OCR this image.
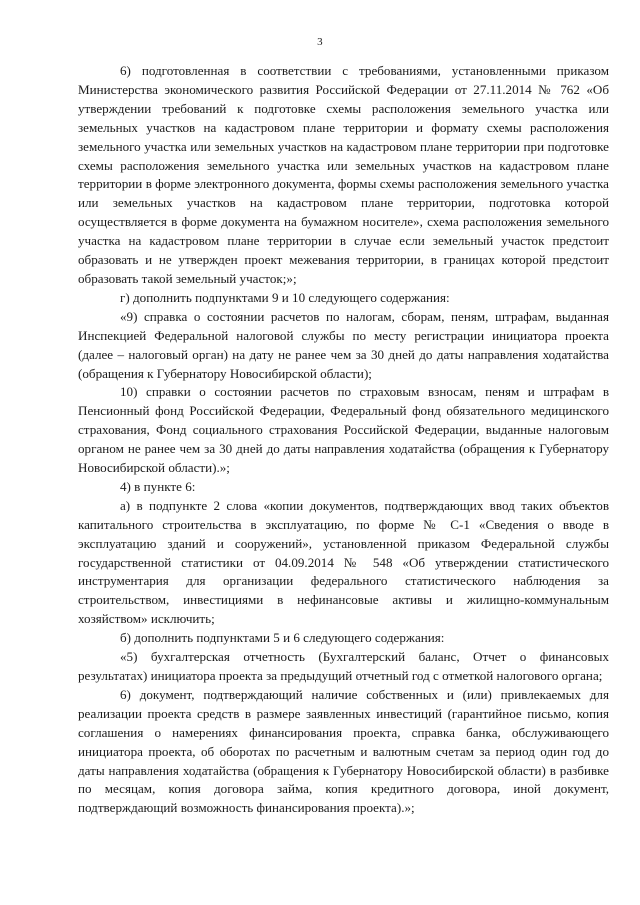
3

6) подготовленная в соответствии с требованиями, установленными приказом Министерства экономического развития Российской Федерации от 27.11.2014 № 762 «Об утверждении требований к подготовке схемы расположения земельного участка или земельных участков на кадастровом плане территории и формату схемы расположения земельного участка или земельных участков на кадастровом плане территории при подготовке схемы расположения земельного участка или земельных участков на кадастровом плане территории в форме электронного документа, формы схемы расположения земельного участка или земельных участков на кадастровом плане территории, подготовка которой осуществляется в форме документа на бумажном носителе», схема расположения земельного участка на кадастровом плане территории в случае если земельный участок предстоит образовать и не утвержден проект межевания территории, в границах которой предстоит образовать такой земельный участок;»;

г) дополнить подпунктами 9 и 10 следующего содержания:

«9) справка о состоянии расчетов по налогам, сборам, пеням, штрафам, выданная Инспекцией Федеральной налоговой службы по месту регистрации инициатора проекта (далее – налоговый орган) на дату не ранее чем за 30 дней до даты направления ходатайства (обращения к Губернатору Новосибирской области);

10) справки о состоянии расчетов по страховым взносам, пеням и штрафам в Пенсионный фонд Российской Федерации, Федеральный фонд обязательного медицинского страхования, Фонд социального страхования Российской Федерации, выданные налоговым органом не ранее чем за 30 дней до даты направления ходатайства (обращения к Губернатору Новосибирской области).»;

4) в пункте 6:

а) в подпункте 2 слова «копии документов, подтверждающих ввод таких объектов капитального строительства в эксплуатацию, по форме № С-1 «Сведения о вводе в эксплуатацию зданий и сооружений», установленной приказом Федеральной службы государственной статистики от 04.09.2014 № 548 «Об утверждении статистического инструментария для организации федерального статистического наблюдения за строительством, инвестициями в нефинансовые активы и жилищно-коммунальным хозяйством» исключить;

б) дополнить подпунктами 5 и 6 следующего содержания:

«5) бухгалтерская отчетность (Бухгалтерский баланс, Отчет о финансовых результатах) инициатора проекта за предыдущий отчетный год с отметкой налогового органа;

6) документ, подтверждающий наличие собственных и (или) привлекаемых для реализации проекта средств в размере заявленных инвестиций (гарантийное письмо, копия соглашения о намерениях финансирования проекта, справка банка, обслуживающего инициатора проекта, об оборотах по расчетным и валютным счетам за период один год до даты направления ходатайства (обращения к Губернатору Новосибирской области) в разбивке по месяцам, копия договора займа, копия кредитного договора, иной документ, подтверждающий возможность финансирования проекта).»;
